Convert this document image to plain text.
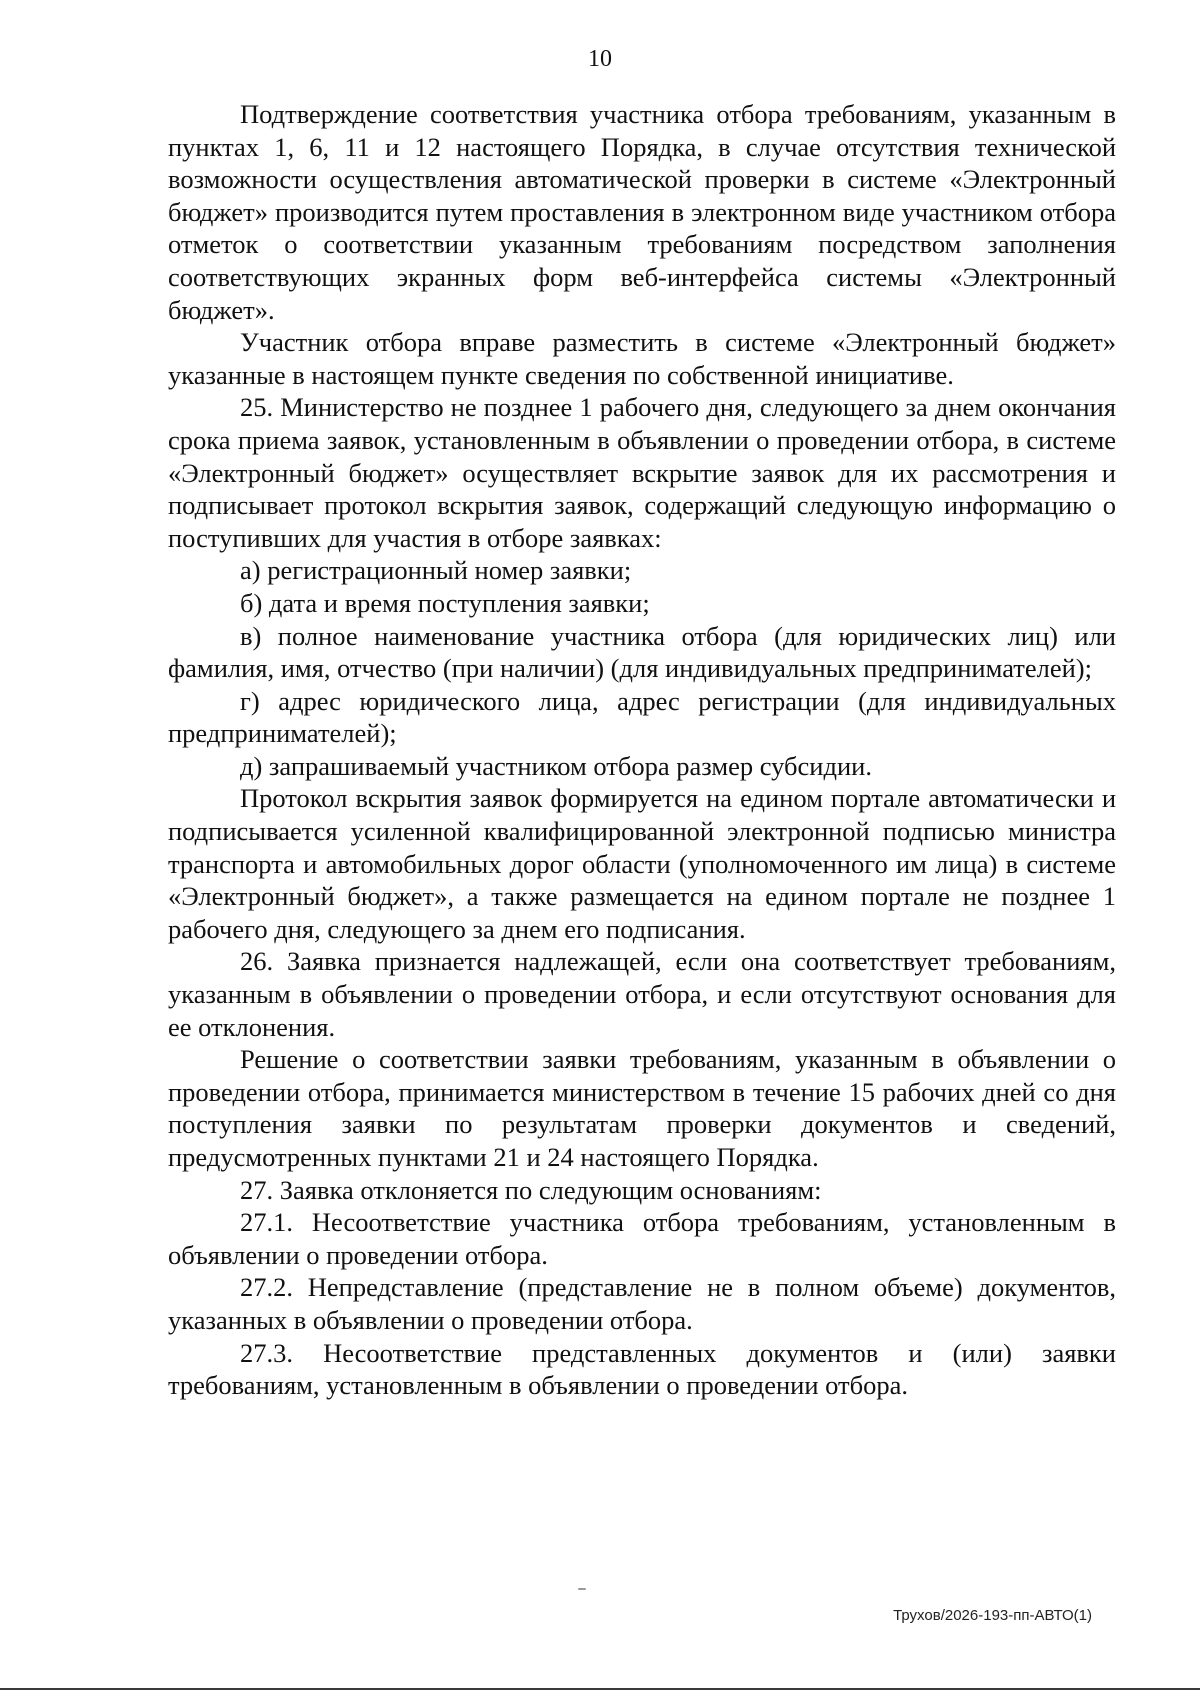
10

Подтверждение соответствия участника отбора требованиям, указанным в пунктах 1, 6, 11 и 12 настоящего Порядка, в случае отсутствия технической возможности осуществления автоматической проверки в системе «Электронный бюджет» производится путем проставления в электронном виде участником отбора отметок о соответствии указанным требованиям посредством заполнения соответствующих экранных форм веб-интерфейса системы «Электронный бюджет».

Участник отбора вправе разместить в системе «Электронный бюджет» указанные в настоящем пункте сведения по собственной инициативе.

25. Министерство не позднее 1 рабочего дня, следующего за днем окончания срока приема заявок, установленным в объявлении о проведении отбора, в системе «Электронный бюджет» осуществляет вскрытие заявок для их рассмотрения и подписывает протокол вскрытия заявок, содержащий следующую информацию о поступивших для участия в отборе заявках:

а) регистрационный номер заявки;

б) дата и время поступления заявки;

в) полное наименование участника отбора (для юридических лиц) или фамилия, имя, отчество (при наличии) (для индивидуальных предпринимателей);

г) адрес юридического лица, адрес регистрации (для индивидуальных предпринимателей);

д) запрашиваемый участником отбора размер субсидии.

Протокол вскрытия заявок формируется на едином портале автоматически и подписывается усиленной квалифицированной электронной подписью министра транспорта и автомобильных дорог области (уполномоченного им лица) в системе «Электронный бюджет», а также размещается на едином портале не позднее 1 рабочего дня, следующего за днем его подписания.

26. Заявка признается надлежащей, если она соответствует требованиям, указанным в объявлении о проведении отбора, и если отсутствуют основания для ее отклонения.

Решение о соответствии заявки требованиям, указанным в объявлении о проведении отбора, принимается министерством в течение 15 рабочих дней со дня поступления заявки по результатам проверки документов и сведений, предусмотренных пунктами 21 и 24 настоящего Порядка.

27. Заявка отклоняется по следующим основаниям:

27.1. Несоответствие участника отбора требованиям, установленным в объявлении о проведении отбора.

27.2. Непредставление (представление не в полном объеме) документов, указанных в объявлении о проведении отбора.

27.3. Несоответствие представленных документов и (или) заявки требованиям, установленным в объявлении о проведении отбора.

Трухов/2026-193-пп-АВТО(1)
